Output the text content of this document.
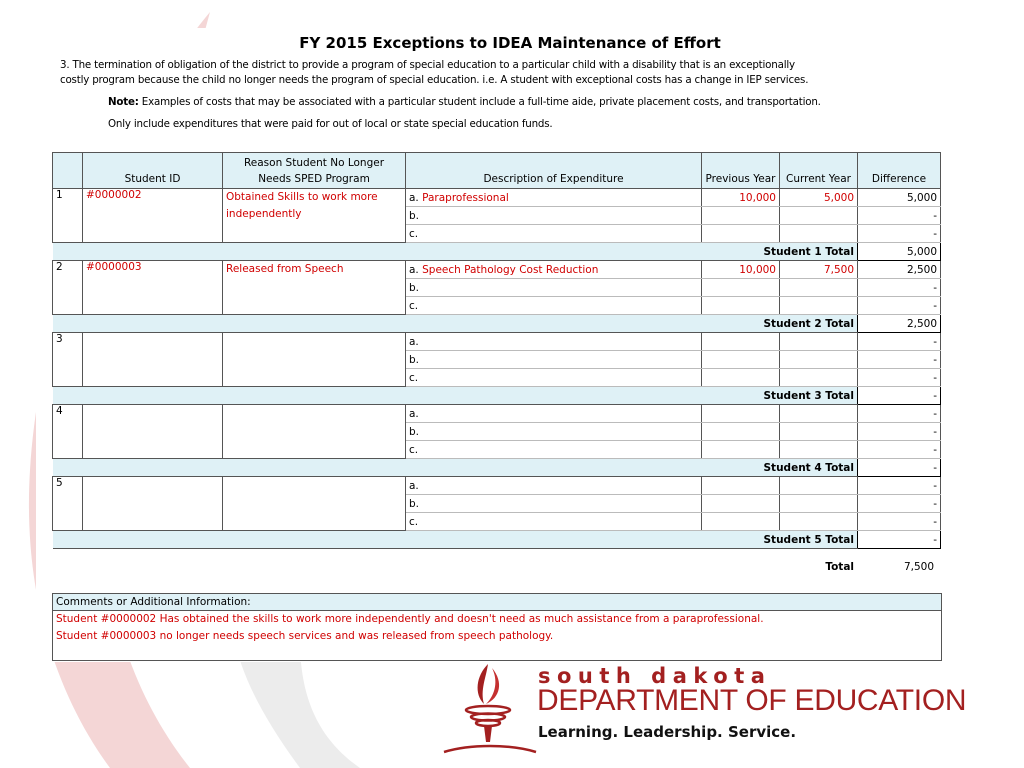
FY 2015 Exceptions to IDEA Maintenance of Effort
3. The termination of obligation of the district to provide a program of special education to a particular child with a disability that is an exceptionally
costly program because the child no longer needs the program of special education. i.e. A student with exceptional costs has a change in IEP services.
Note: Examples of costs that may be associated with a particular student include a full-time aide, private placement costs, and transportation.
Only include expenditures that were paid for out of local or state special education funds.
	Student ID	Reason Student No Longer Needs SPED Program	Description of Expenditure	Previous Year	Current Year	Difference
1	#0000002	Obtained Skills to work more independently	a. Paraprofessional	10,000	5,000	5,000
			b.			-
			c.			-
Student 1 Total						5,000
2	#0000003	Released from Speech	a. Speech Pathology Cost Reduction	10,000	7,500	2,500
			b.			-
			c.			-
Student 2 Total						2,500
3			a.			-
			b.			-
			c.			-
Student 3 Total						-
4			a.			-
			b.			-
			c.			-
Student 4 Total						-
5			a.			-
			b.			-
			c.			-
Student 5 Total						-
Total	7,500
Comments or Additional Information:
Student #0000002 Has obtained the skills to work more independently and doesn't need as much assistance from a paraprofessional.
Student #0000003 no longer needs speech services and was released from speech pathology.
south dakota
DEPARTMENT OF EDUCATION
Learning. Leadership. Service.
